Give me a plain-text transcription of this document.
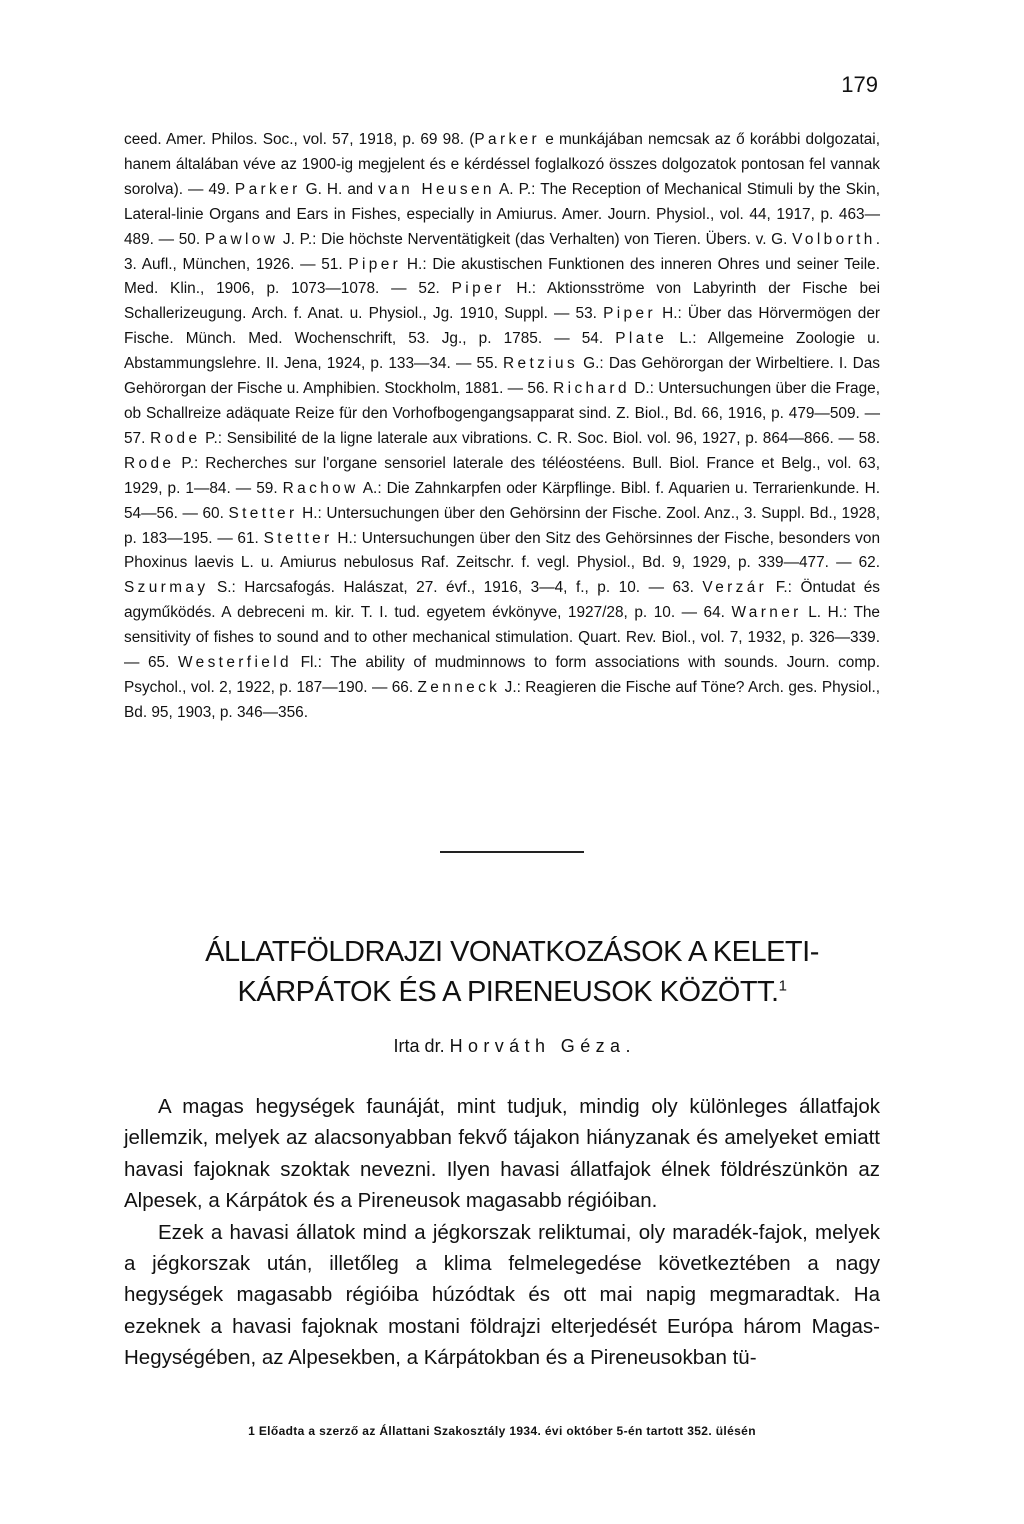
179

ceed. Amer. Philos. Soc., vol. 57, 1918, p. 69 98. (Parker e munkájában nemcsak az ő korábbi dolgozatai, hanem általában véve az 1900-ig megjelent és e kérdéssel foglalkozó összes dolgozatok pontosan fel vannak sorolva). — 49. Parker G. H. and van Heusen A. P.: The Reception of Mechanical Stimuli by the Skin, Lateral-linie Organs and Ears in Fishes, especially in Amiurus. Amer. Journ. Physiol., vol. 44, 1917, p. 463—489. — 50. Pawlow J. P.: Die höchste Nerventätigkeit (das Verhalten) von Tieren. Übers. v. G. Volborth. 3. Aufl., München, 1926. — 51. Piper H.: Die akustischen Funktionen des inneren Ohres und seiner Teile. Med. Klin., 1906, p. 1073—1078. — 52. Piper H.: Aktionsströme von Labyrinth der Fische bei Schallerizeugung. Arch. f. Anat. u. Physiol., Jg. 1910, Suppl. — 53. Piper H.: Über das Hörvermögen der Fische. Münch. Med. Wochenschrift, 53. Jg., p. 1785. — 54. Plate L.: Allgemeine Zoologie u. Abstammungslehre. II. Jena, 1924, p. 133—34. — 55. Retzius G.: Das Gehörorgan der Wirbeltiere. I. Das Gehörorgan der Fische u. Amphibien. Stockholm, 1881. — 56. Richard D.: Untersuchungen über die Frage, ob Schallreize adäquate Reize für den Vorhofbogengangsapparat sind. Z. Biol., Bd. 66, 1916, p. 479—509. — 57. Rode P.: Sensibilité de la ligne laterale aux vibrations. C. R. Soc. Biol. vol. 96, 1927, p. 864—866. — 58. Rode P.: Recherches sur l'organe sensoriel laterale des téléostéens. Bull. Biol. France et Belg., vol. 63, 1929, p. 1—84. — 59. Rachow A.: Die Zahnkarpfen oder Kärpflinge. Bibl. f. Aquarien u. Terrarienkunde. H. 54—56. — 60. Stetter H.: Untersuchungen über den Gehörsinn der Fische. Zool. Anz., 3. Suppl. Bd., 1928, p. 183—195. — 61. Stetter H.: Untersuchungen über den Sitz des Gehörsinnes der Fische, besonders von Phoxinus laevis L. u. Amiurus nebulosus Raf. Zeitschr. f. vegl. Physiol., Bd. 9, 1929, p. 339—477. — 62. Szurmay S.: Harcsafogás. Halászat, 27. évf., 1916, 3—4, f., p. 10. — 63. Verzár F.: Öntudat és agyműködés. A debreceni m. kir. T. I. tud. egyetem évkönyve, 1927/28, p. 10. — 64. Warner L. H.: The sensitivity of fishes to sound and to other mechanical stimulation. Quart. Rev. Biol., vol. 7, 1932, p. 326—339. — 65. Westerfield Fl.: The ability of mudminnows to form associations with sounds. Journ. comp. Psychol., vol. 2, 1922, p. 187—190. — 66. Zenneck J.: Reagieren die Fische auf Töne? Arch. ges. Physiol., Bd. 95, 1903, p. 346—356.

ÁLLATFÖLDRAJZI VONATKOZÁSOK A KELETI-
KÁRPÁTOK ÉS A PIRENEUSOK KÖZÖTT.$^1$

Irta dr. Horváth Géza.

A magas hegységek faunáját, mint tudjuk, mindig oly különleges állatfajok jellemzik, melyek az alacsonyabban fekvő tájakon hiányzanak és amelyeket emiatt havasi fajoknak szoktak nevezni. Ilyen havasi állatfajok élnek földrészünkön az Alpesek, a Kárpátok és a Pireneusok magasabb régióiban.

Ezek a havasi állatok mind a jégkorszak reliktumai, oly maradék-fajok, melyek a jégkorszak után, illetőleg a klima felmelegedése következtében a nagy hegységek magasabb régióiba húzódtak és ott mai napig megmaradtak. Ha ezeknek a havasi fajoknak mostani földrajzi elterjedését Európa három Magas-Hegységében, az Alpesekben, a Kárpátokban és a Pireneusokban tü-

1 Előadta a szerző az Állattani Szakosztály 1934. évi október 5-én tartott 352. ülésén
